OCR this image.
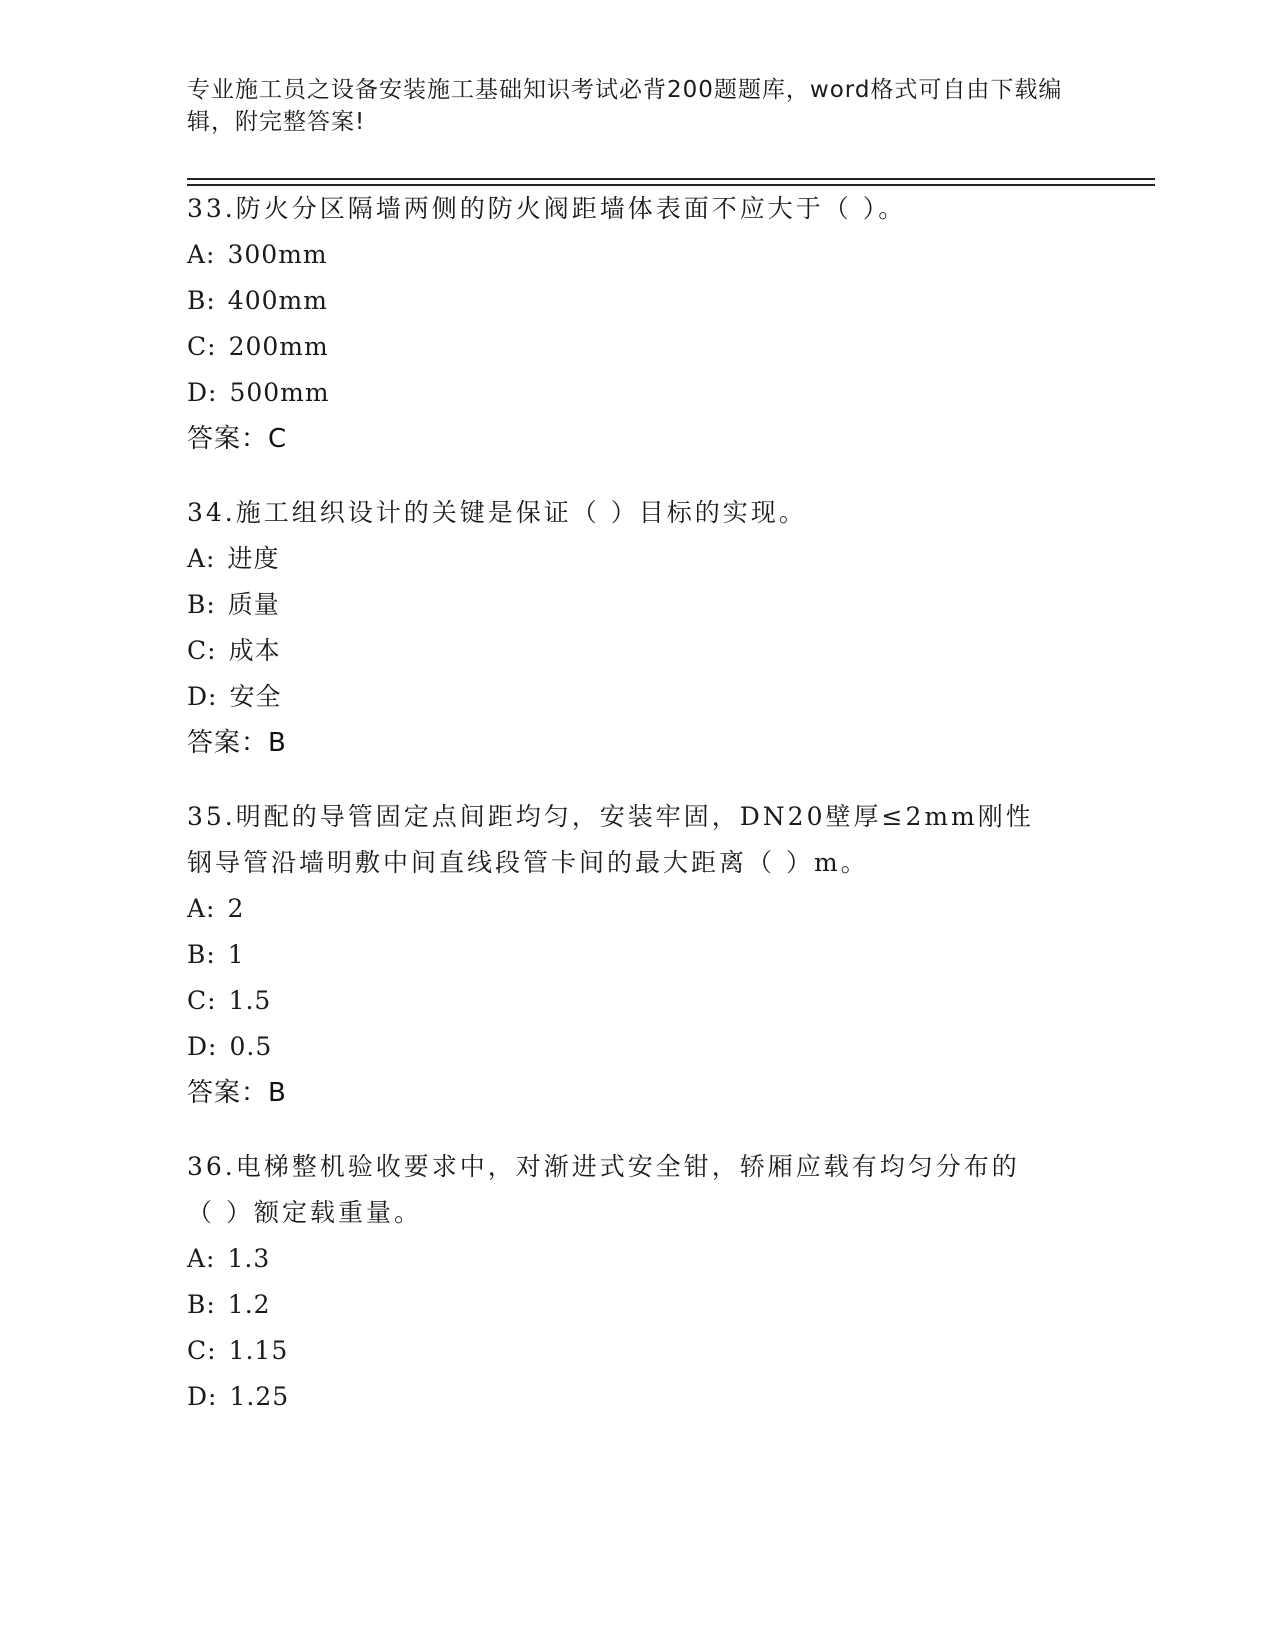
专业施工员之设备安装施工基础知识考试必背200题题库，word格式可自由下载编辑，附完整答案!
33.防火分区隔墙两侧的防火阀距墙体表面不应大于（ ）。
A: 300mm
B: 400mm
C: 200mm
D: 500mm
答案：C
34.施工组织设计的关键是保证（ ）目标的实现。
A: 进度
B: 质量
C: 成本
D: 安全
答案：B
35.明配的导管固定点间距均匀，安装牢固，DN20壁厚≤2mm刚性钢导管沿墙明敷中间直线段管卡间的最大距离（ ）m。
A: 2
B: 1
C: 1.5
D: 0.5
答案：B
36.电梯整机验收要求中，对渐进式安全钳，轿厢应载有均匀分布的（ ）额定载重量。
A: 1.3
B: 1.2
C: 1.15
D: 1.25
